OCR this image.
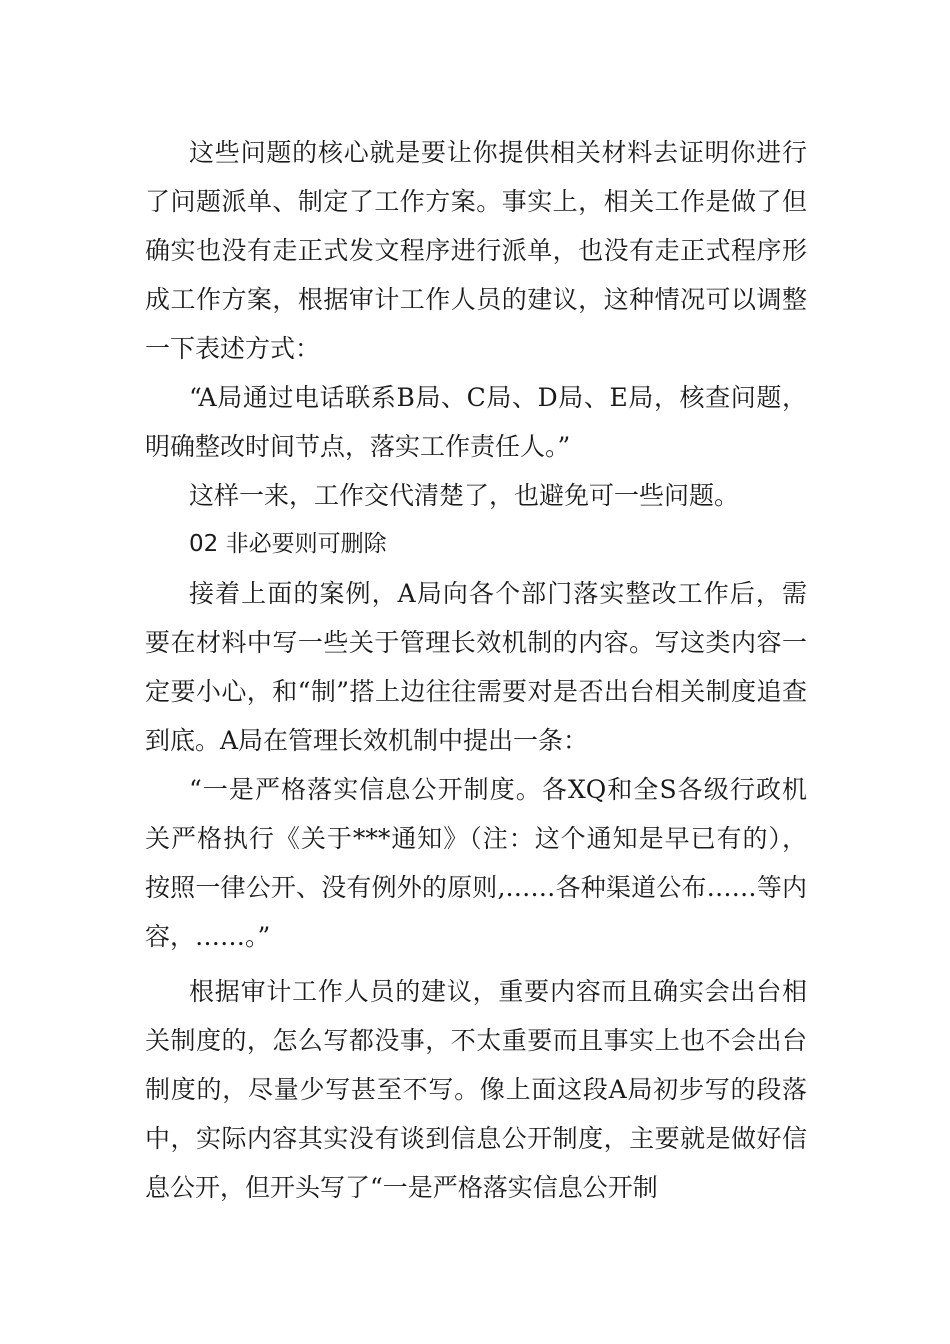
这些问题的核心就是要让你提供相关材料去证明你进行了问题派单、制定了工作方案。事实上，相关工作是做了但确实也没有走正式发文程序进行派单，也没有走正式程序形成工作方案，根据审计工作人员的建议，这种情况可以调整一下表述方式：

“A局通过电话联系B局、C局、D局、E局，核查问题，明确整改时间节点，落实工作责任人。”

这样一来，工作交代清楚了，也避免可一些问题。

02 非必要则可删除

接着上面的案例，A局向各个部门落实整改工作后，需要在材料中写一些关于管理长效机制的内容。写这类内容一定要小心，和“制”搭上边往往需要对是否出台相关制度追查到底。A局在管理长效机制中提出一条：

“一是严格落实信息公开制度。各XQ和全S各级行政机关严格执行《关于***通知》（注：这个通知是早已有的），按照一律公开、没有例外的原则,……各种渠道公布……等内容，……。”

根据审计工作人员的建议，重要内容而且确实会出台相关制度的，怎么写都没事，不太重要而且事实上也不会出台制度的，尽量少写甚至不写。像上面这段A局初步写的段落中，实际内容其实没有谈到信息公开制度，主要就是做好信息公开，但开头写了“一是严格落实信息公开制
